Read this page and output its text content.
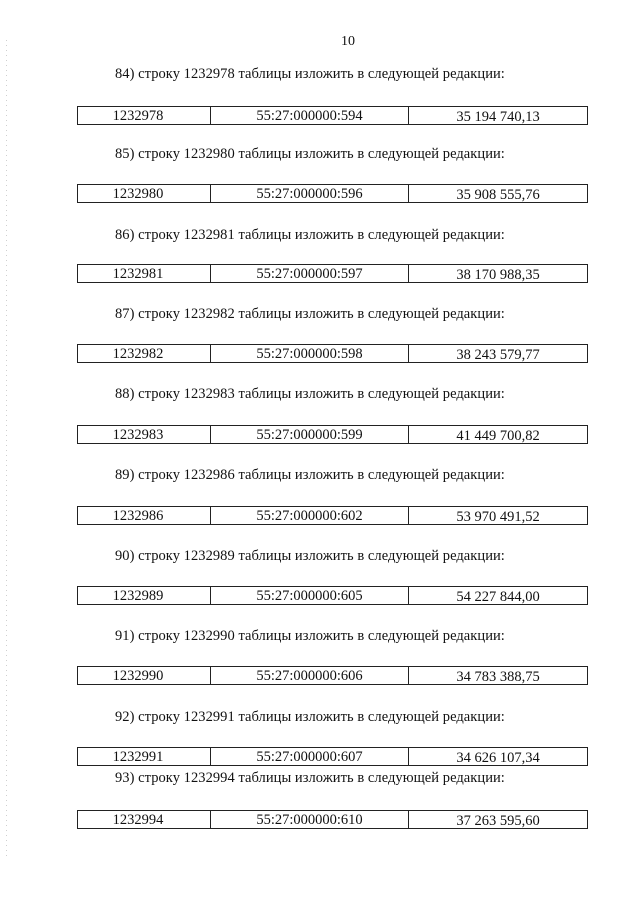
10
84) строку 1232978 таблицы изложить в следующей редакции:
1232978	55:27:000000:594	35 194 740,13
85) строку 1232980 таблицы изложить в следующей редакции:
1232980	55:27:000000:596	35 908 555,76
86) строку 1232981 таблицы изложить в следующей редакции:
1232981	55:27:000000:597	38 170 988,35
87) строку 1232982 таблицы изложить в следующей редакции:
1232982	55:27:000000:598	38 243 579,77
88) строку 1232983 таблицы изложить в следующей редакции:
1232983	55:27:000000:599	41 449 700,82
89) строку 1232986 таблицы изложить в следующей редакции:
1232986	55:27:000000:602	53 970 491,52
90) строку 1232989 таблицы изложить в следующей редакции:
1232989	55:27:000000:605	54 227 844,00
91) строку 1232990 таблицы изложить в следующей редакции:
1232990	55:27:000000:606	34 783 388,75
92) строку 1232991 таблицы изложить в следующей редакции:
1232991	55:27:000000:607	34 626 107,34
93) строку 1232994 таблицы изложить в следующей редакции:
1232994	55:27:000000:610	37 263 595,60
